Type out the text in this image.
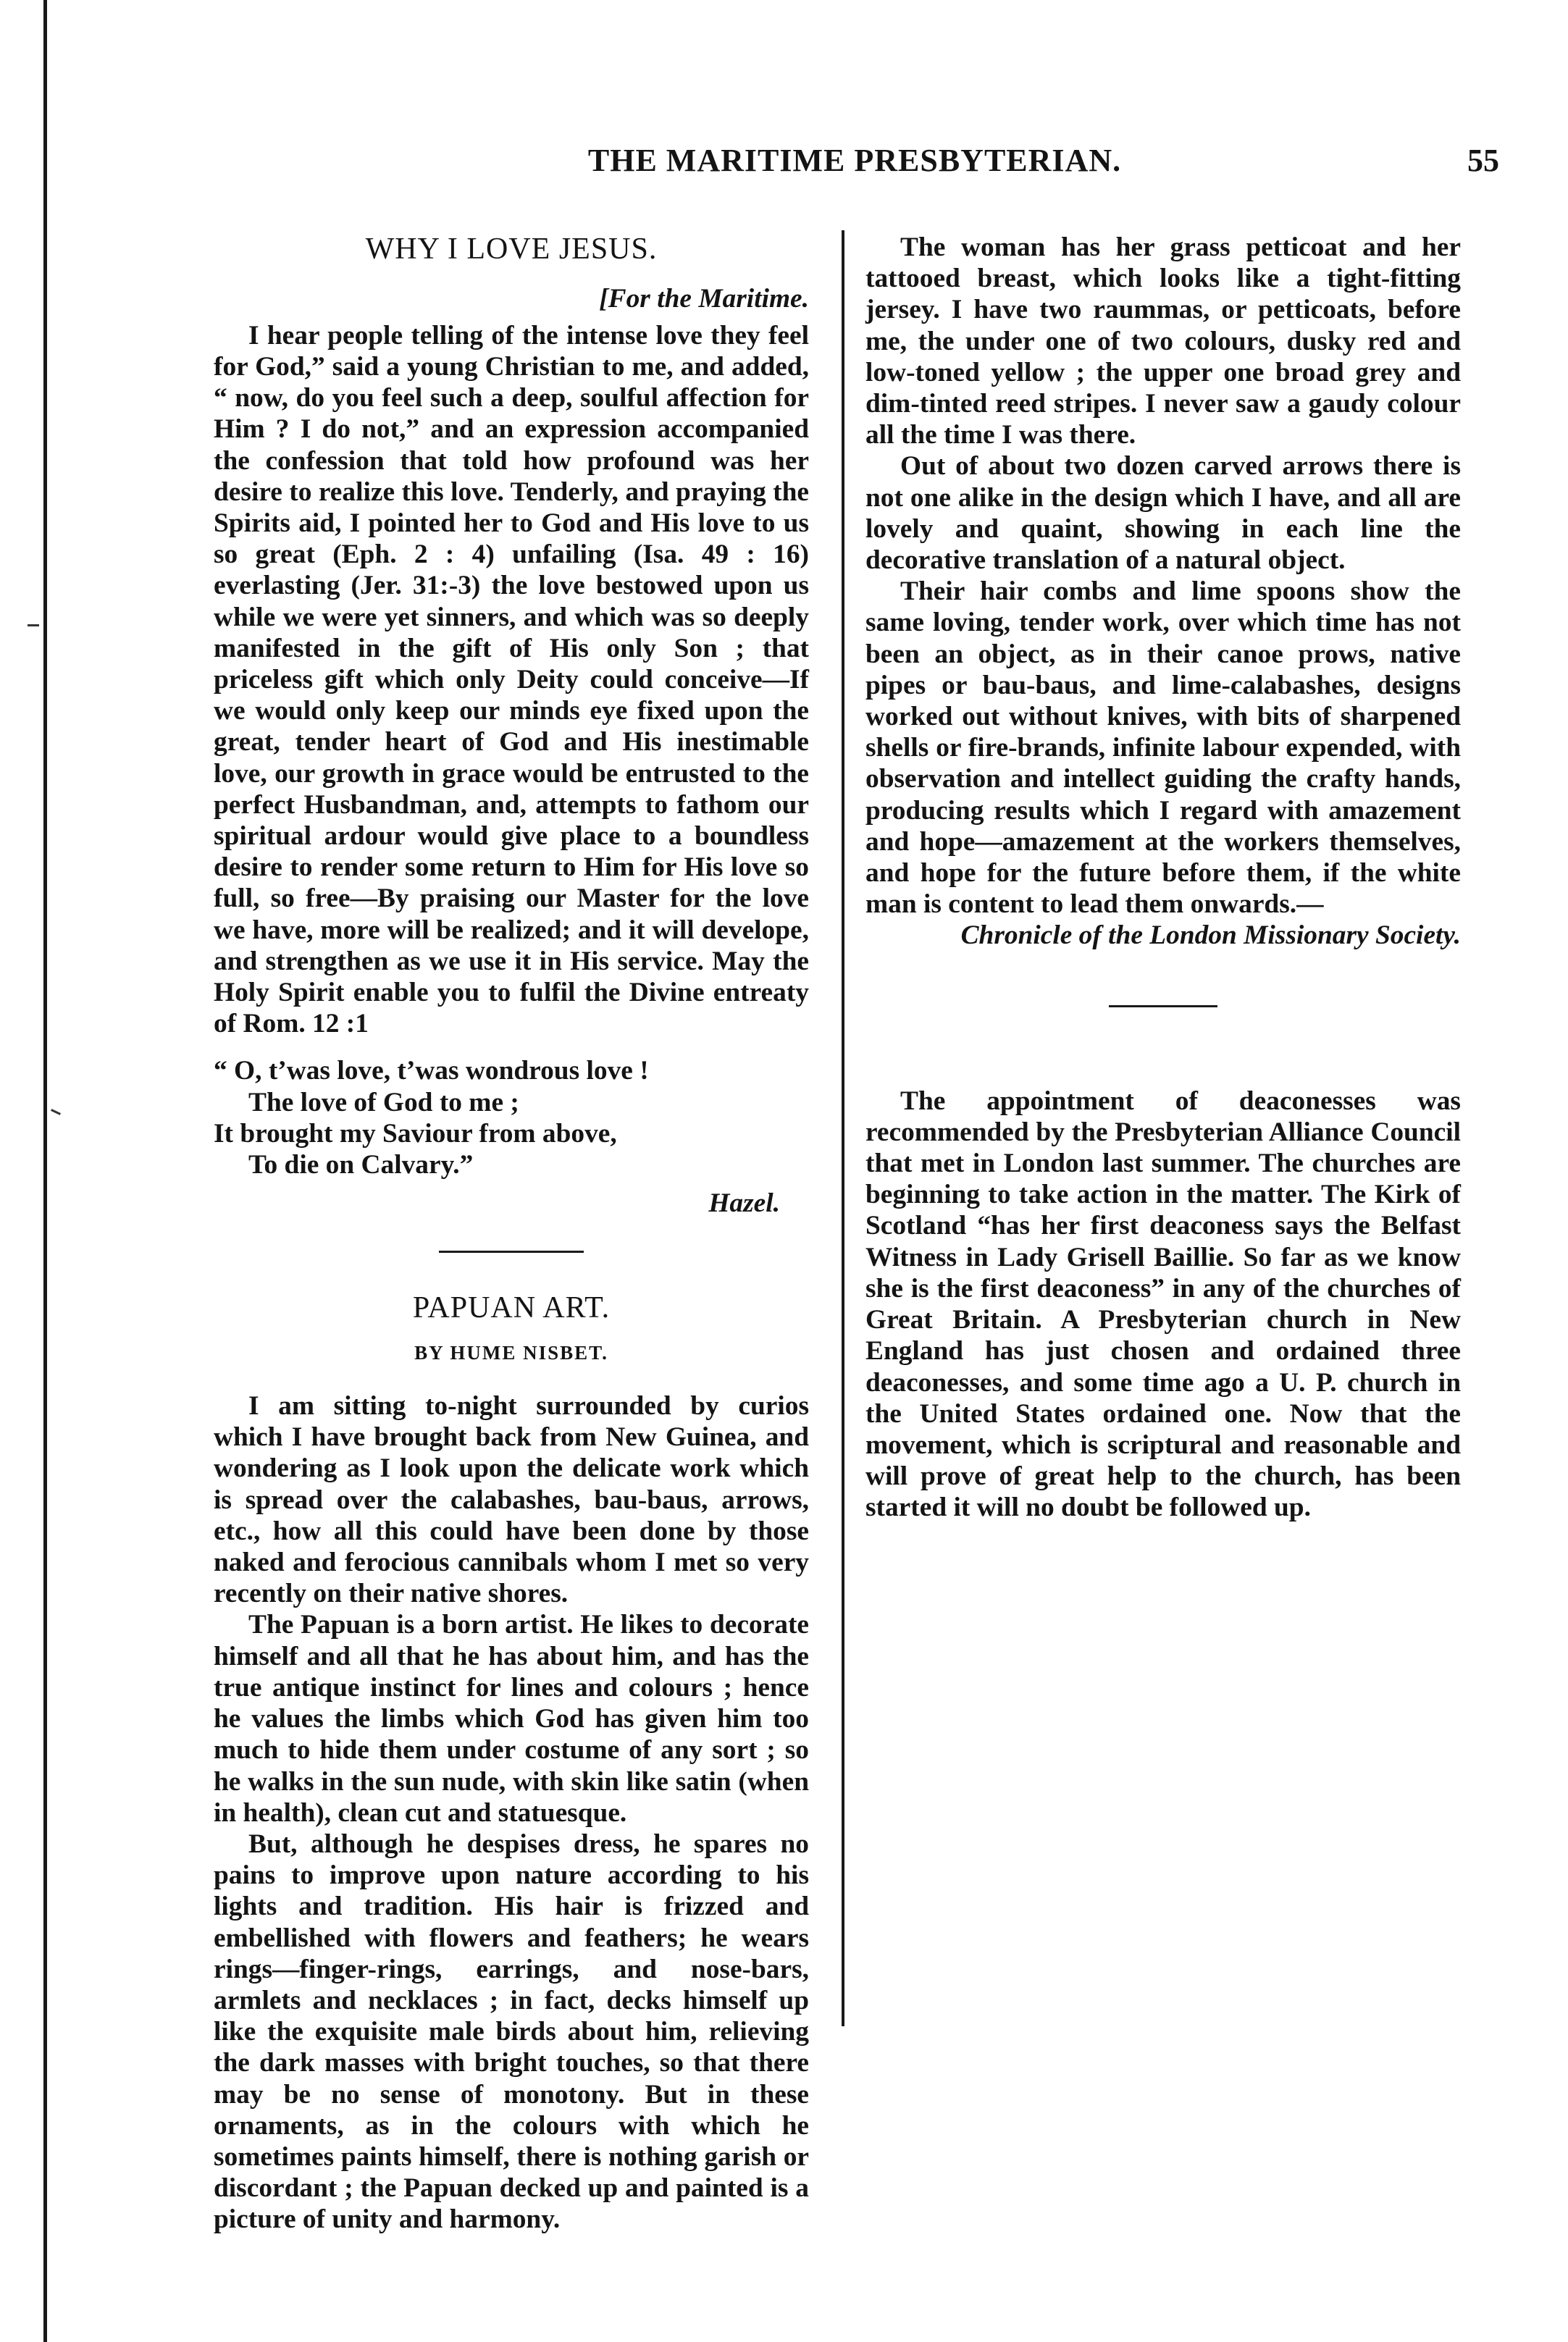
THE MARITIME PRESBYTERIAN.	55
WHY I LOVE JESUS.
[For the Maritime.

I hear people telling of the intense love they feel for God,” said a young Christian to me, and added, “ now, do you feel such a deep, soulful affection for Him ? I do not,” and an expression accompanied the confession that told how profound was her desire to realize this love. Tenderly, and praying the Spirits aid, I pointed her to God and His love to us so great (Eph. 2 : 4) unfailing (Isa. 49 : 16) everlasting (Jer. 31:-3) the love bestowed upon us while we were yet sinners, and which was so deeply manifested in the gift of His only Son ; that priceless gift which only Deity could conceive—If we would only keep our minds eye fixed upon the great, tender heart of God and His inestimable love, our growth in grace would be entrusted to the perfect Husbandman, and, attempts to fathom our spiritual ardour would give place to a boundless desire to render some return to Him for His love so full, so free—By praising our Master for the love we have, more will be realized; and it will develope, and strengthen as we use it in His service. May the Holy Spirit enable you to fulfil the Divine entreaty of Rom. 12 :1

“ O, t’was love, t’was wondrous love !
The love of God to me ;
It brought my Saviour from above,
To die on Calvary.”
Hazel.
PAPUAN ART.
BY HUME NISBET.

I am sitting to-night surrounded by curios which I have brought back from New Guinea, and wondering as I look upon the delicate work which is spread over the calabashes, bau-baus, arrows, etc., how all this could have been done by those naked and ferocious cannibals whom I met so very recently on their native shores.

The Papuan is a born artist. He likes to decorate himself and all that he has about him, and has the true antique instinct for lines and colours ; hence he values the limbs which God has given him too much to hide them under costume of any sort ; so he walks in the sun nude, with skin like satin (when in health), clean cut and statuesque.

But, although he despises dress, he spares no pains to improve upon nature according to his lights and tradition. His hair is frizzed and embellished with flowers and feathers; he wears rings—finger-rings, earrings, and nose-bars, armlets and necklaces ; in fact, decks himself up like the exquisite male birds about him, relieving the dark masses with bright touches, so that there may be no sense of monotony. But in these ornaments, as in the colours with which he sometimes paints himself, there is nothing garish or discordant ; the Papuan decked up and painted is a picture of unity and harmony.

The woman has her grass petticoat and her tattooed breast, which looks like a tight-fitting jersey. I have two raummas, or petticoats, before me, the under one of two colours, dusky red and low-toned yellow ; the upper one broad grey and dim-tinted reed stripes. I never saw a gaudy colour all the time I was there.

Out of about two dozen carved arrows there is not one alike in the design which I have, and all are lovely and quaint, showing in each line the decorative translation of a natural object.

Their hair combs and lime spoons show the same loving, tender work, over which time has not been an object, as in their canoe prows, native pipes or bau-baus, and lime-calabashes, designs worked out without knives, with bits of sharpened shells or fire-brands, infinite labour expended, with observation and intellect guiding the crafty hands, producing results which I regard with amazement and hope—amazement at the workers themselves, and hope for the future before them, if the white man is content to lead them onwards.—

Chronicle of the London Missionary Society.

The appointment of deaconesses was recommended by the Presbyterian Alliance Council that met in London last summer. The churches are beginning to take action in the matter. The Kirk of Scotland “has her first deaconess says the Belfast Witness in Lady Grisell Baillie. So far as we know she is the first deaconess” in any of the churches of Great Britain. A Presbyterian church in New England has just chosen and ordained three deaconesses, and some time ago a U. P. church in the United States ordained one. Now that the movement, which is scriptural and reasonable and will prove of great help to the church, has been started it will no doubt be followed up.
